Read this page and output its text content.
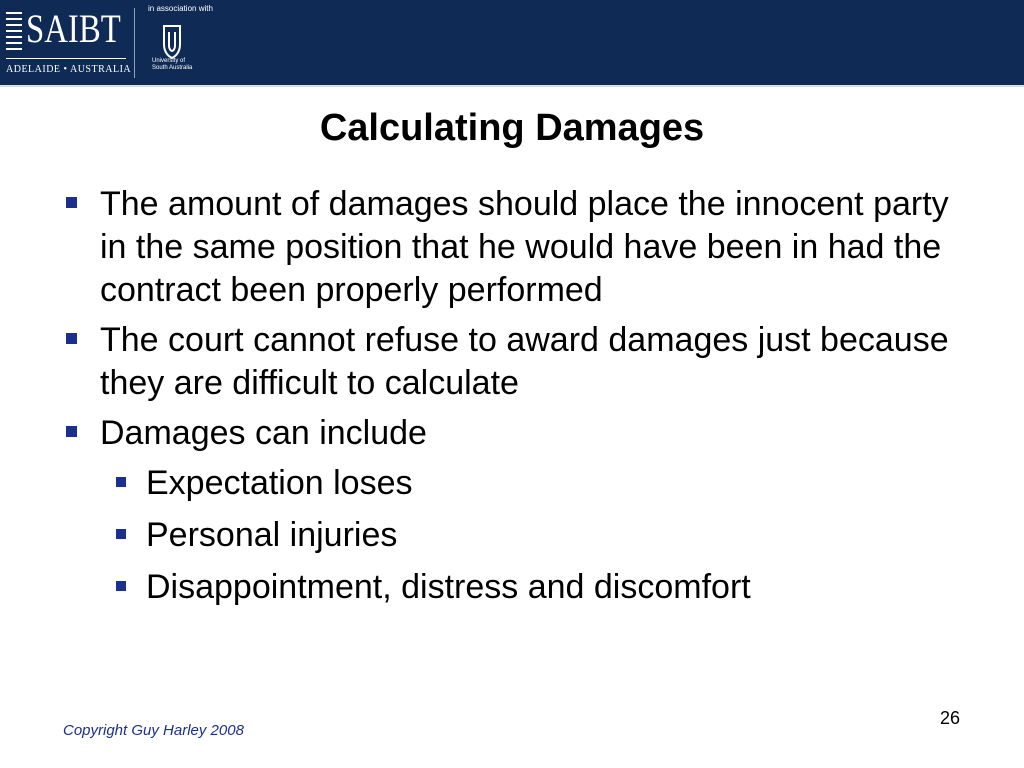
SAIBT
ADELAIDE • AUSTRALIA
in association with
University of
South Australia
Calculating Damages
The amount of damages should place the innocent party in the same position that he would have been in had the contract been properly performed
The court cannot refuse to award damages just because they are difficult to calculate
Damages can include
Expectation loses
Personal injuries
Disappointment, distress and discomfort
Copyright Guy Harley 2008
26
